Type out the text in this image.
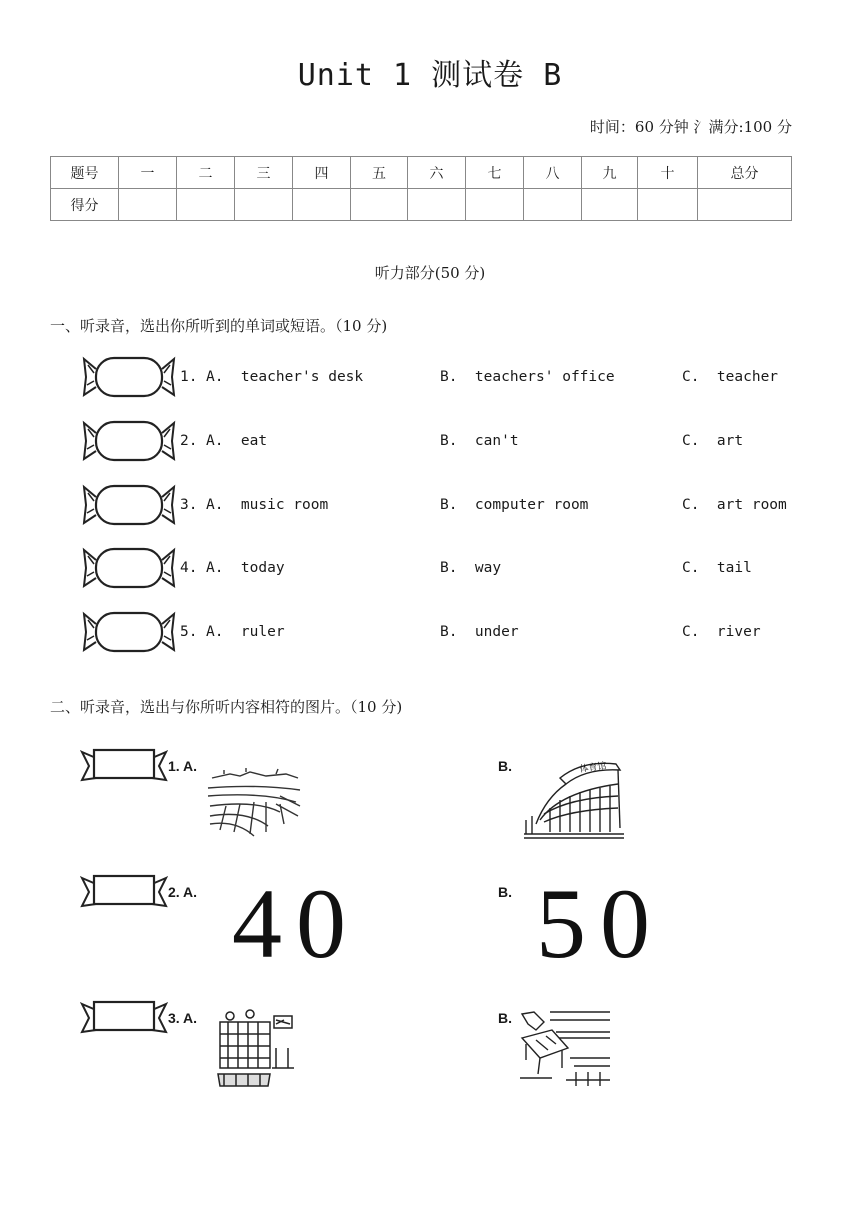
Unit 1 测试卷 B
时间：60 分钟 氵满分:100 分
题号	一	二	三	四	五	六	七	八	九	十	总分
得分											
听力部分(50 分)
一、听录音，选出你所听到的单词或短语。（10 分)
1. A.  teacher's desk	B.  teachers' office	C.  teacher
2. A.  eat	B.  can't	C.  art
3. A.  music room	B.  computer room	C.  art room
4. A.  today	B.  way	C.  tail
5. A.  ruler	B.  under	C.  river
二、听录音，选出与你所听内容相符的图片。（10 分)
1. A.	B.	体育馆
2. A. 40	B. 50
3. A.	B.
